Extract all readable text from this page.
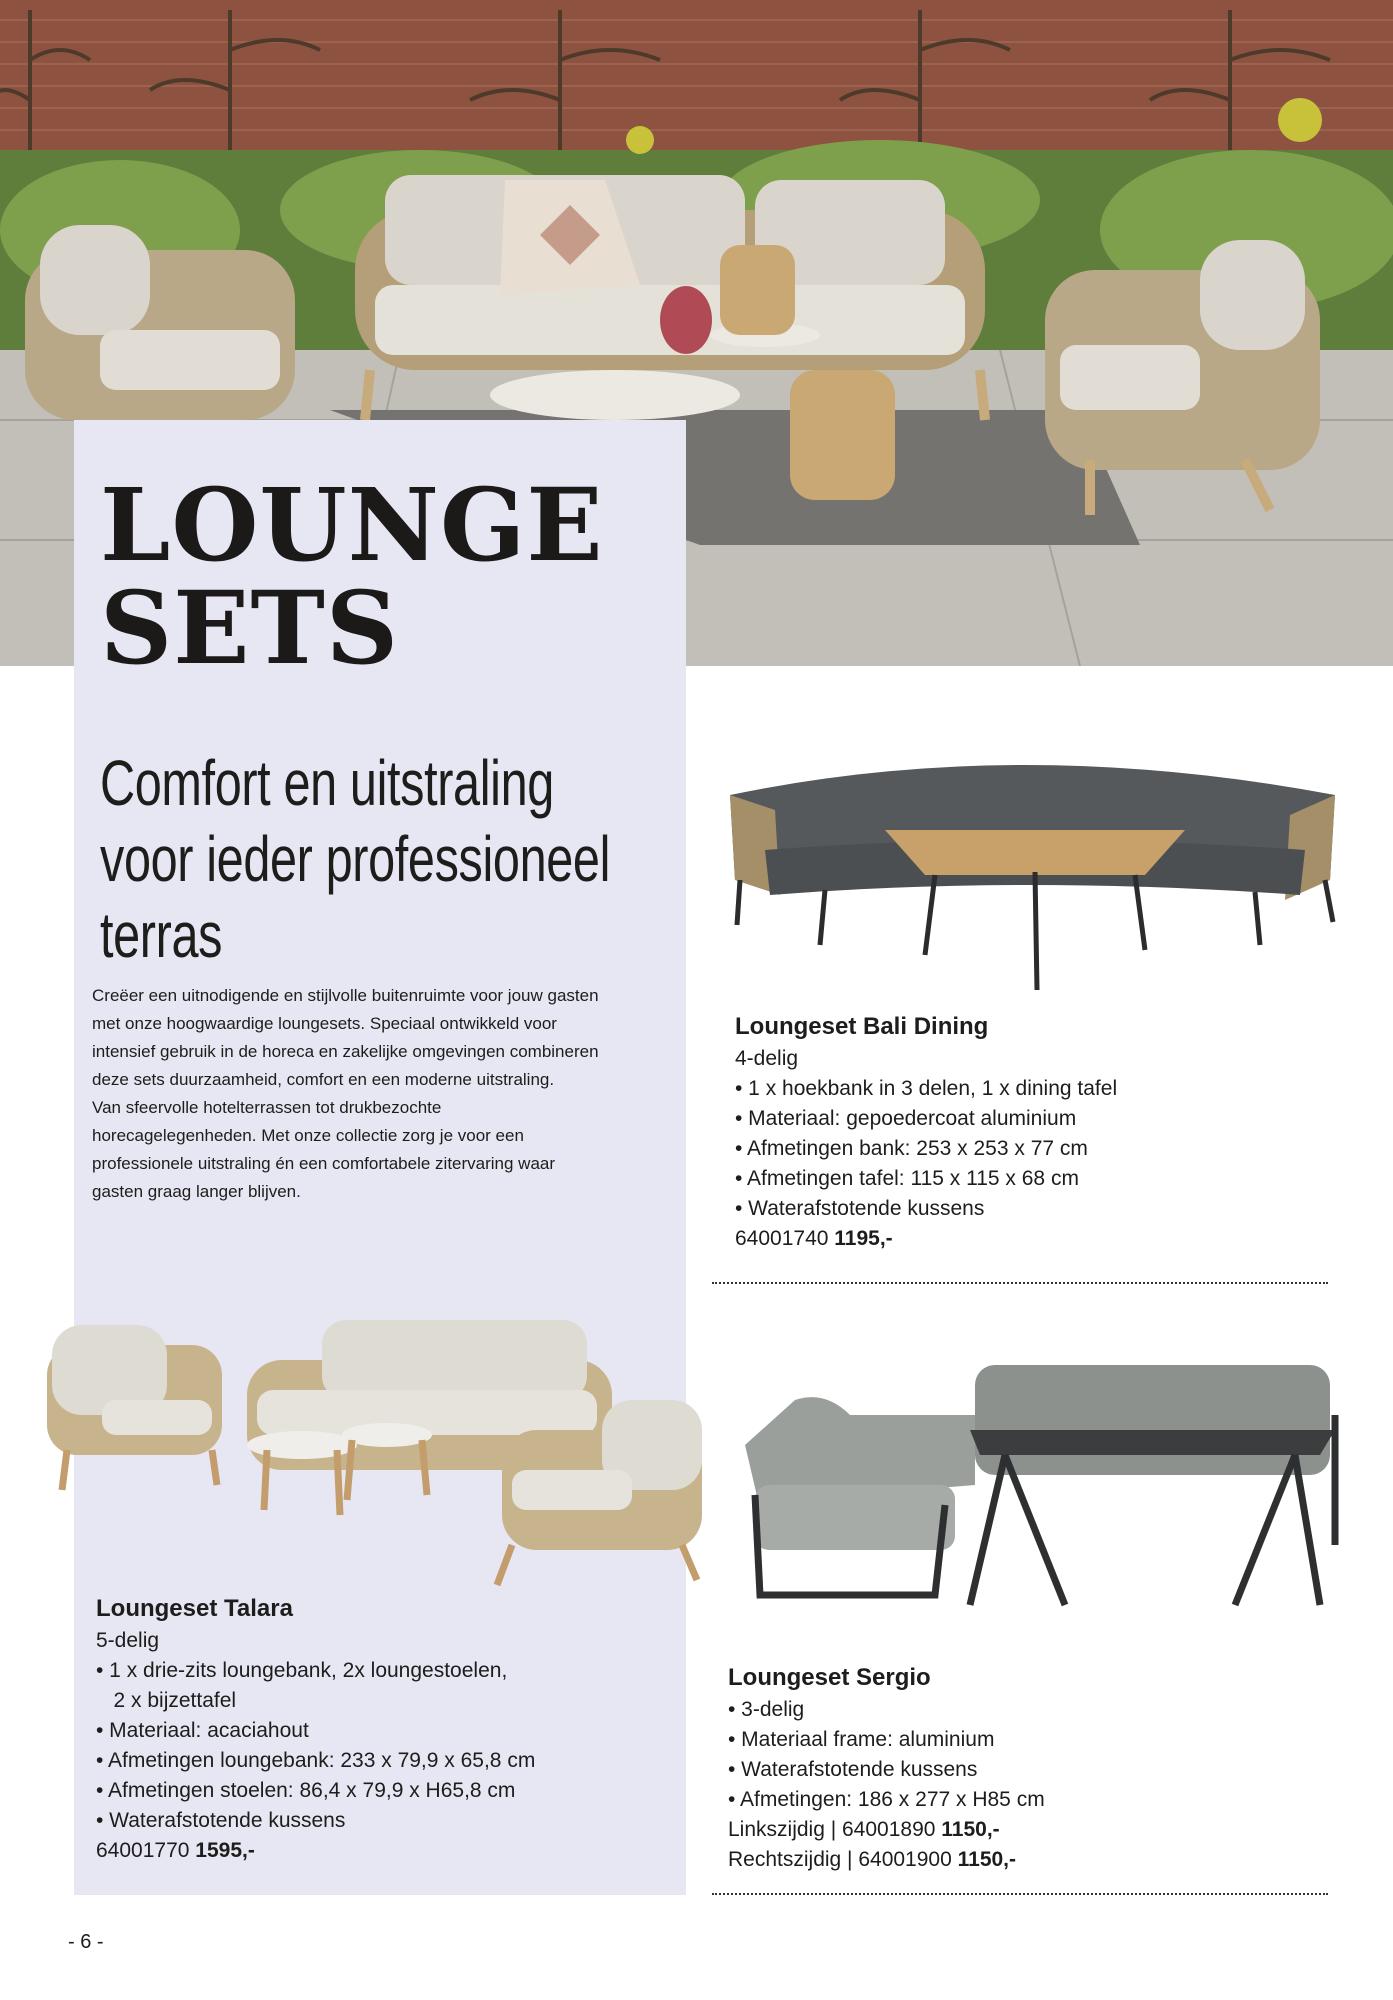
LOUNGE
SETS
Comfort en uitstraling
voor ieder professioneel
terras
Creëer een uitnodigende en stijlvolle buitenruimte voor jouw gasten
met onze hoogwaardige loungesets. Speciaal ontwikkeld voor
intensief gebruik in de horeca en zakelijke omgevingen combineren
deze sets duurzaamheid, comfort en een moderne uitstraling.
Van sfeervolle hotelterrassen tot drukbezochte
horecagelegenheden. Met onze collectie zorg je voor een
professionele uitstraling én een comfortabele zitervaring waar
gasten graag langer blijven.
Loungeset Bali Dining
4-delig
• 1 x hoekbank in 3 delen, 1 x dining tafel
• Materiaal: gepoedercoat aluminium
• Afmetingen bank: 253 x 253 x 77 cm
• Afmetingen tafel: 115 x 115 x 68 cm
• Waterafstotende kussens
64001740 1195,-
Loungeset Talara
5-delig
• 1 x drie-zits loungebank, 2x loungestoelen,
2 x bijzettafel
• Materiaal: acaciahout
• Afmetingen loungebank: 233 x 79,9 x 65,8 cm
• Afmetingen stoelen: 86,4 x 79,9 x H65,8 cm
• Waterafstotende kussens
64001770 1595,-
Loungeset Sergio
• 3-delig
• Materiaal frame: aluminium
• Waterafstotende kussens
• Afmetingen: 186 x 277 x H85 cm
Linkszijdig | 64001890 1150,-
Rechtszijdig | 64001900 1150,-
- 6 -
